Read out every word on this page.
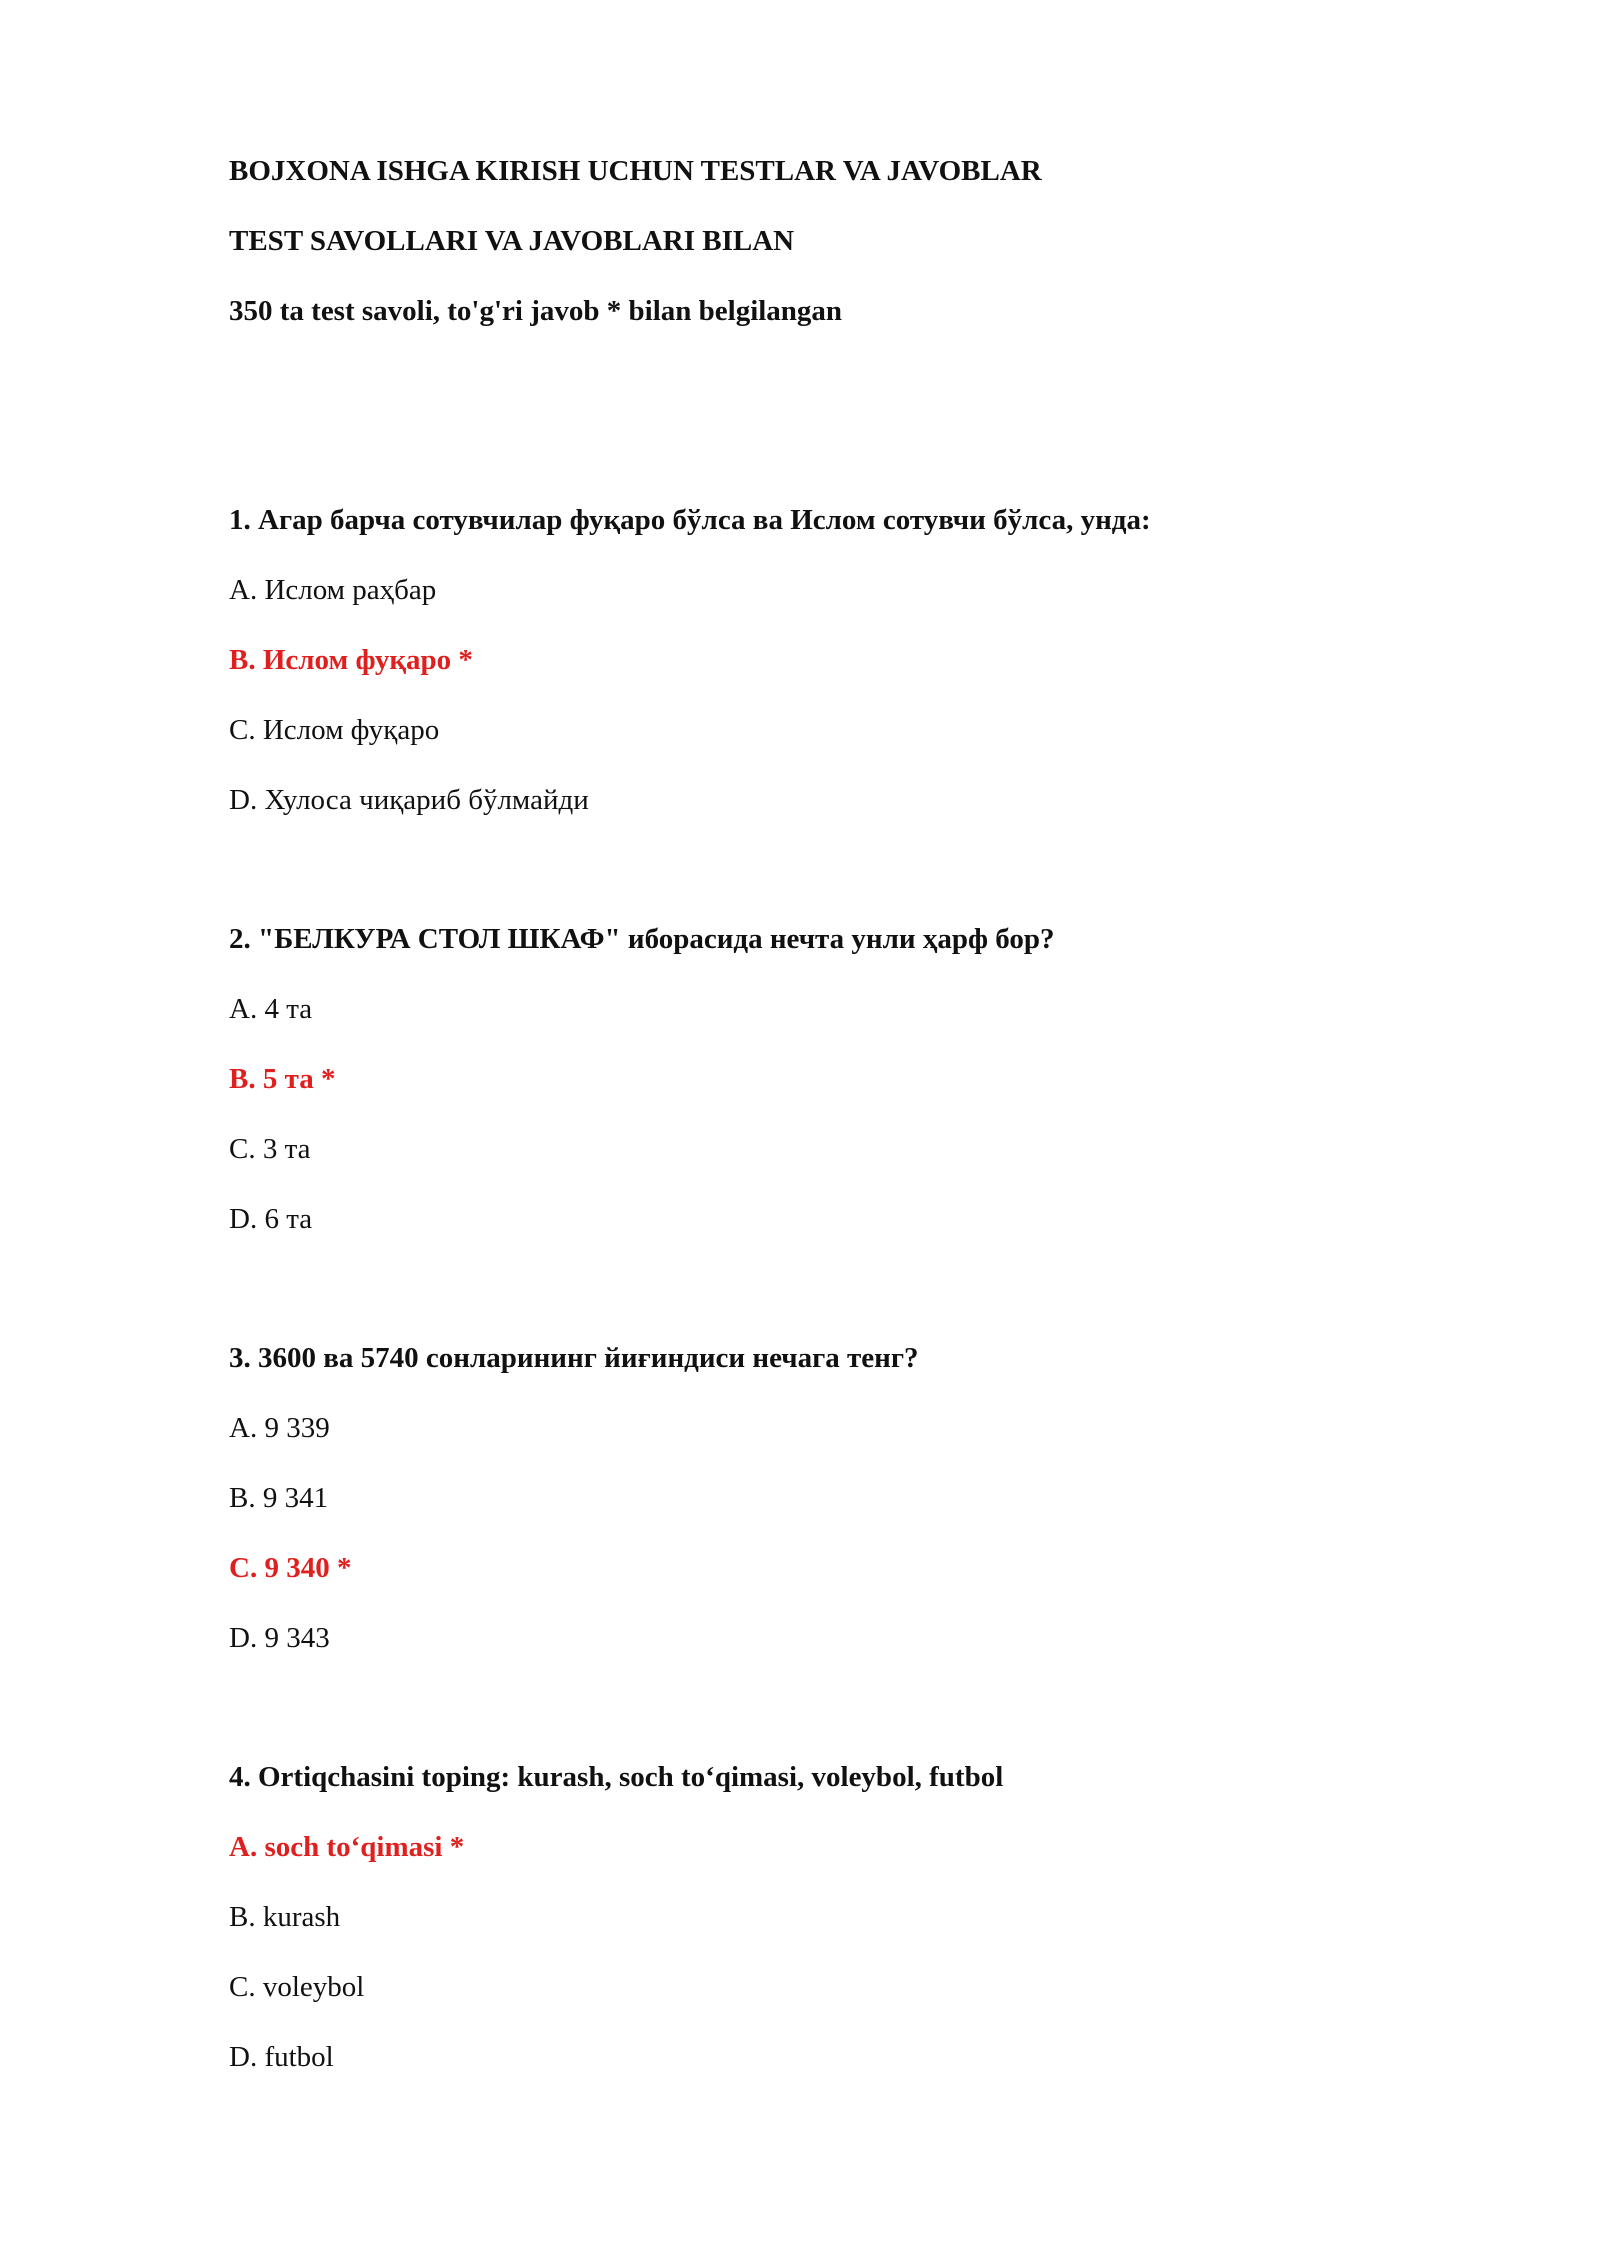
BOJXONA ISHGA KIRISH UCHUN TESTLAR VA JAVOBLAR
TEST SAVOLLARI VA JAVOBLARI BILAN
350 ta test savoli, to'g'ri javob * bilan belgilangan
1. Агар барча сотувчилар фуқаро бўлса ва Ислом сотувчи бўлса, унда:
A. Ислом раҳбар
B. Ислом фуқаро *
C. Ислом фуқаро
D. Хулоса чиқариб бўлмайди
2. "БЕЛКУРА СТОЛ ШКАФ" иборасида нечта унли ҳарф бор?
A. 4 та
B. 5 та *
C. 3 та
D. 6 та
3. 3600 ва 5740 сонларининг йиғиндиси нечага тенг?
A. 9 339
B. 9 341
C. 9 340 *
D. 9 343
4. Ortiqchasini toping: kurash, soch to‘qimasi, voleybol, futbol
A. soch to‘qimasi *
B. kurash
C. voleybol
D. futbol
